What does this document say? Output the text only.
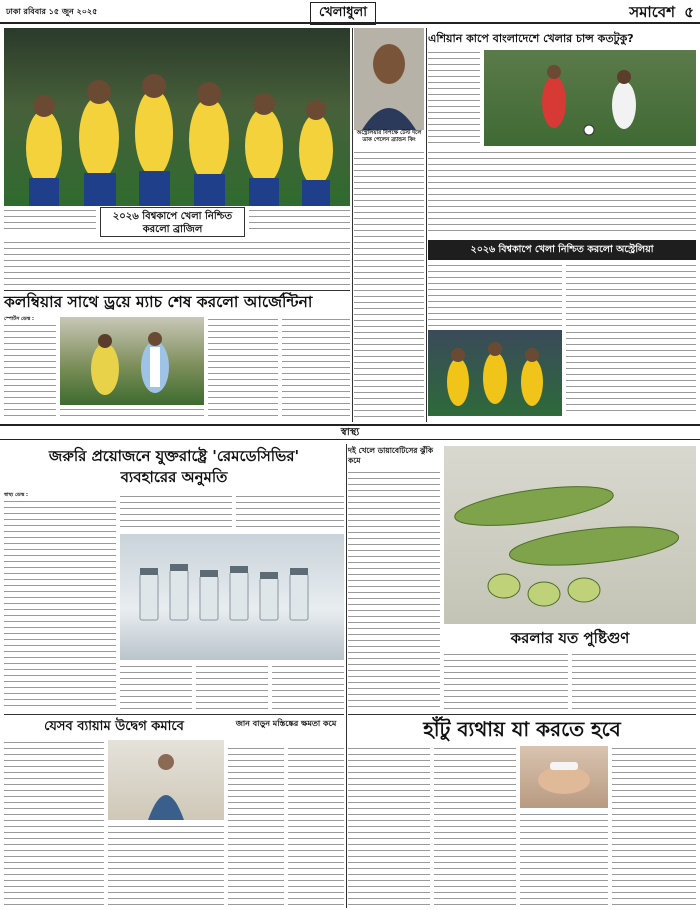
ঢাকা রবিবার ১৫ জুন ২০২৫	খেলাধুলা	সমাবেশ ৫
২০২৬ বিশ্বকাপে খেলা নিশ্চিত করলো ব্রাজিল
কলম্বিয়ার সাথে ড্রয়ে ম্যাচ শেষ করলো আর্জেন্টিনা
স্পোর্টস ডেস্ক :
অস্ট্রেলিয়ার বিপক্ষে টেস্ট দলে ডাক পেলেন ব্র্যান্ডন কিং
এশিয়ান কাপে বাংলাদেশে খেলার চান্স কতটুকু?
২০২৬ বিশ্বকাপে খেলা নিশ্চিত করলো অস্ট্রেলিয়া
স্বাস্থ্য
জরুরি প্রয়োজনে যুক্তরাষ্ট্রে 'রেমডেসিভির'
ব্যবহারের অনুমতি
স্বাস্থ্য ডেস্ক :
দই খেলে ডায়াবেটিসের ঝুঁকি কমে
করলার যত পুষ্টিগুণ
যেসব ব্যায়াম উদ্বেগ কমাবে	জান বাড়ুন মস্তিষ্কের ক্ষমতা কমে	হাঁটু ব্যথায় যা করতে হবে
